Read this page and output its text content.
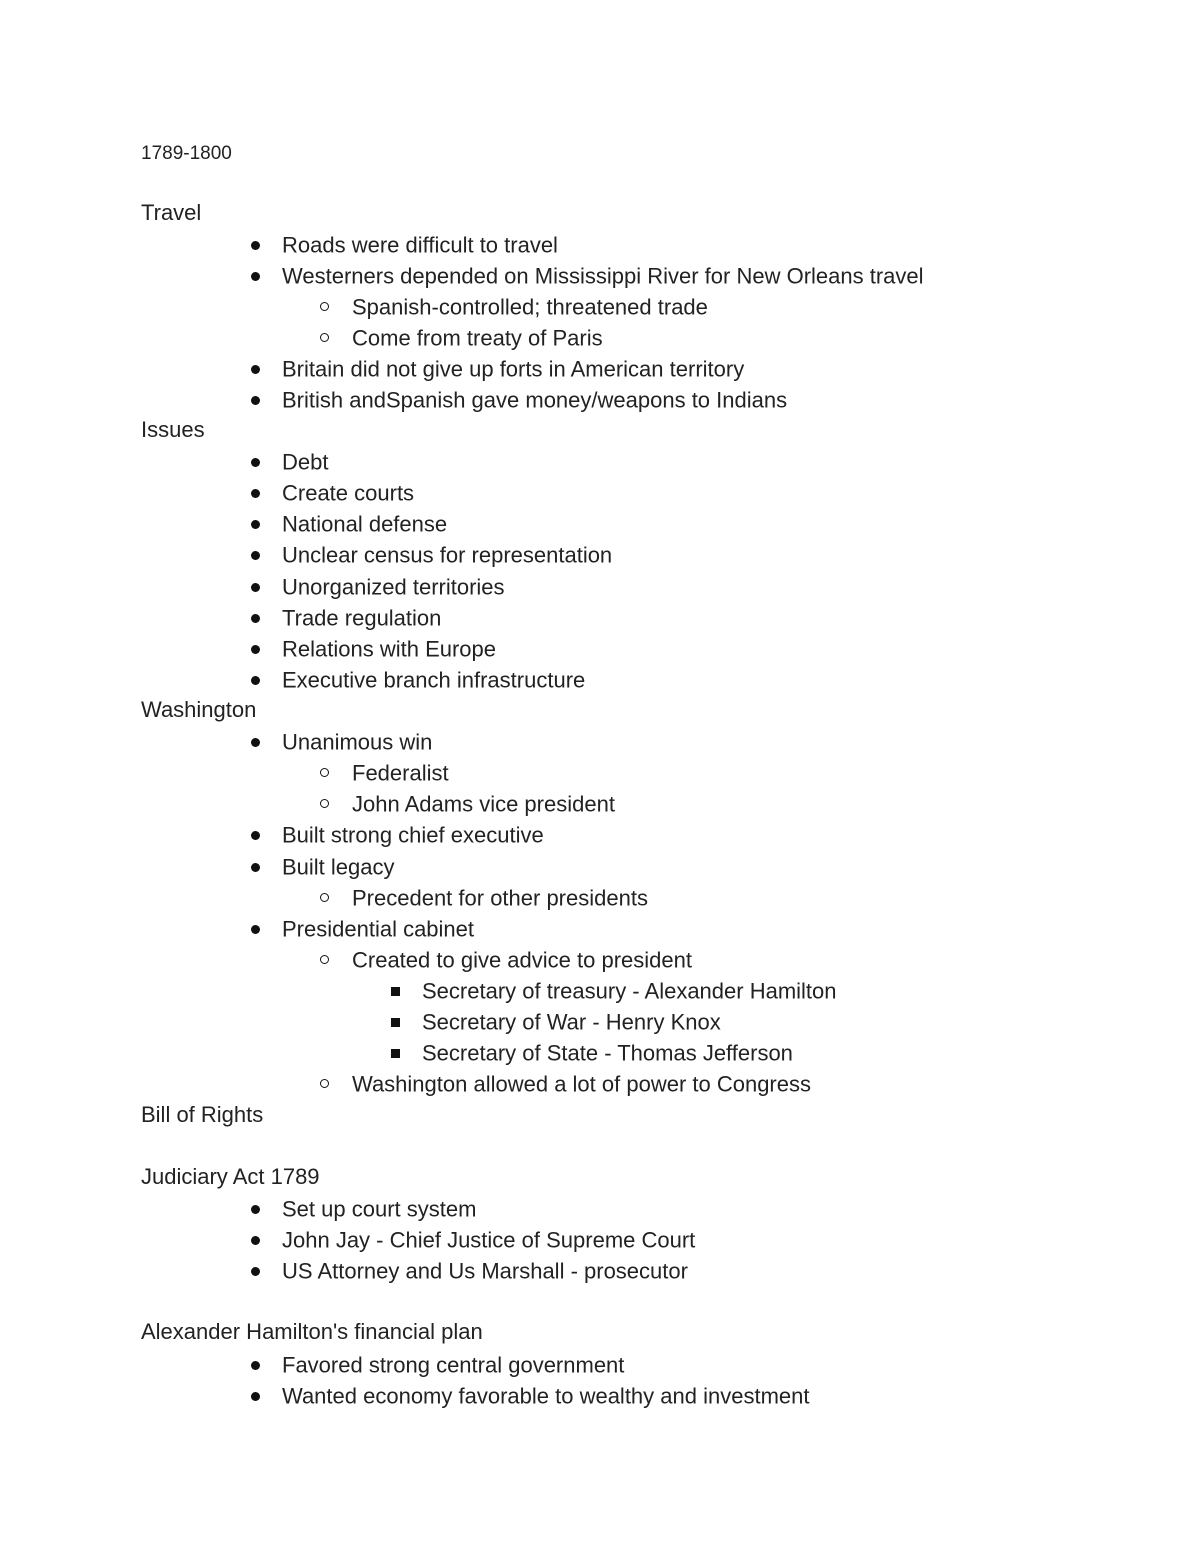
1789-1800
Travel
Roads were difficult to travel
Westerners depended on Mississippi River for New Orleans travel
Spanish-controlled; threatened trade
Come from treaty of Paris
Britain did not give up forts in American territory
British andSpanish gave money/weapons to Indians
Issues
Debt
Create courts
National defense
Unclear census for representation
Unorganized territories
Trade regulation
Relations with Europe
Executive branch infrastructure
Washington
Unanimous win
Federalist
John Adams vice president
Built strong chief executive
Built legacy
Precedent for other presidents
Presidential cabinet
Created to give advice to president
Secretary of treasury - Alexander Hamilton
Secretary of War - Henry Knox
Secretary of State - Thomas Jefferson
Washington allowed a lot of power to Congress
Bill of Rights
Judiciary Act 1789
Set up court system
John Jay - Chief Justice of Supreme Court
US Attorney and Us Marshall - prosecutor
Alexander Hamilton's financial plan
Favored strong central government
Wanted economy favorable to wealthy and investment
